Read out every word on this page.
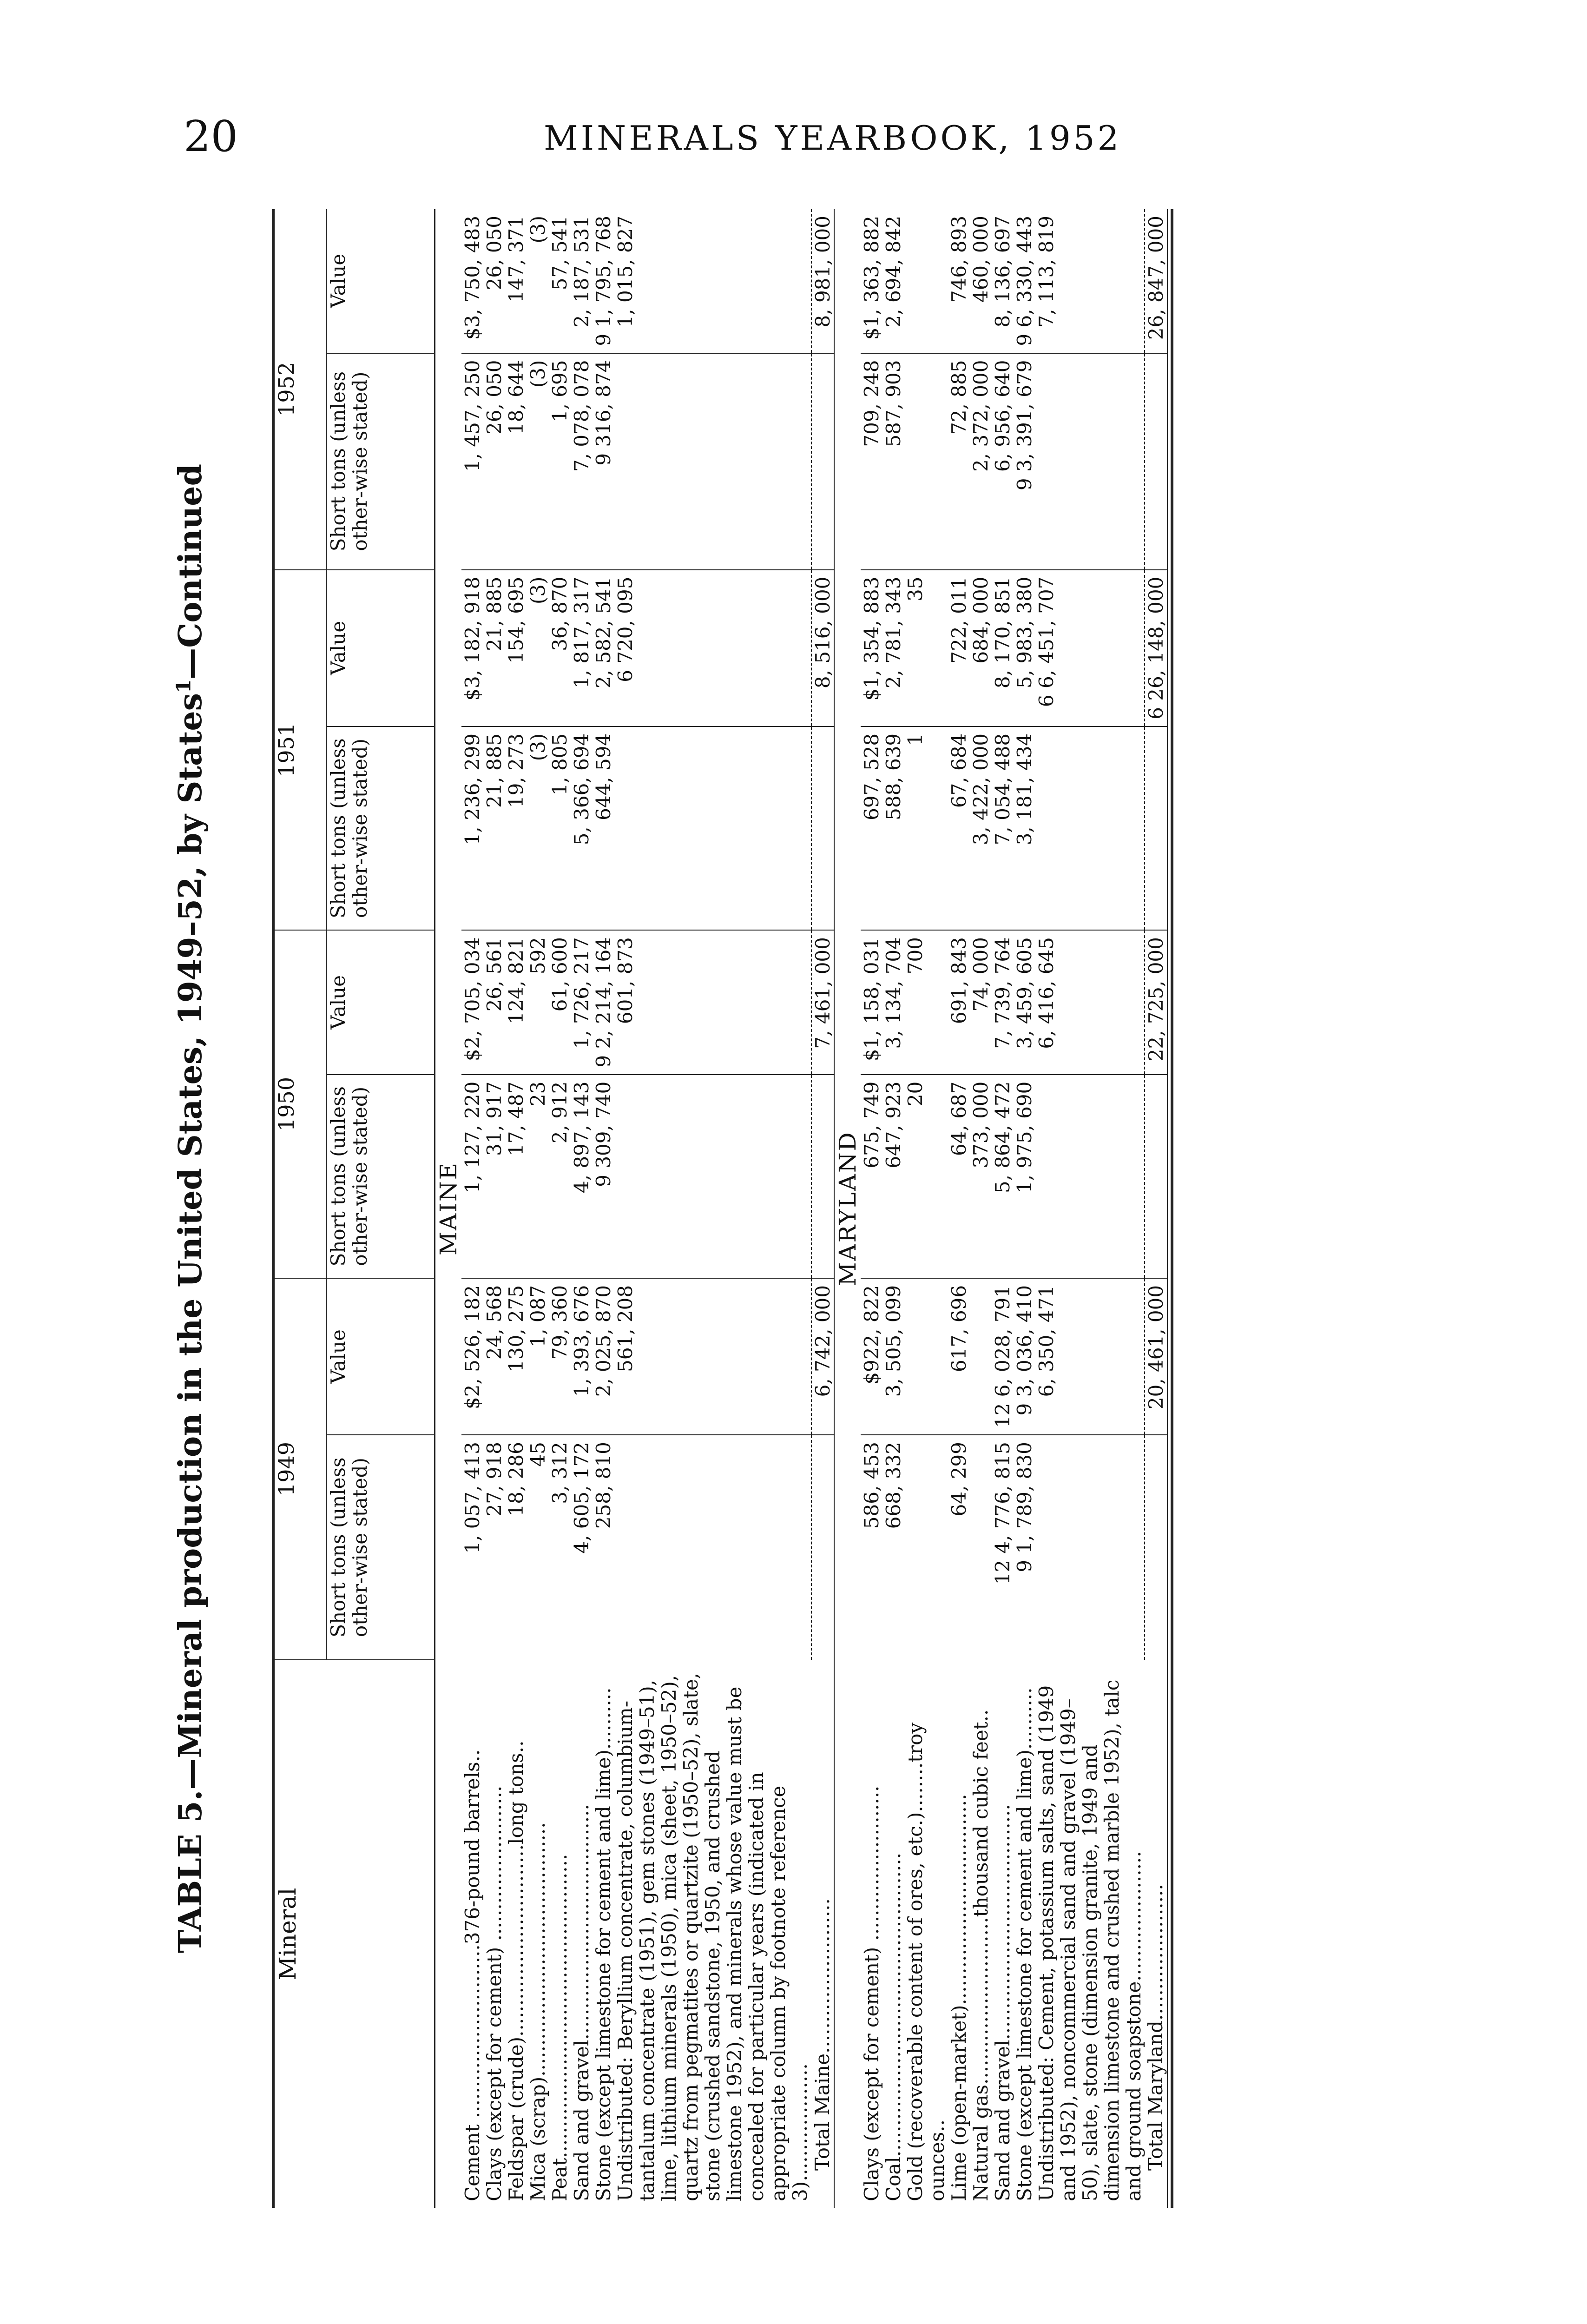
20	MINERALS YEARBOOK, 1952
TABLE 5.—Mineral production in the United States, 1949–52, by States$^1$—Continued

Mineral	1949		1950		1951		1952	
	Short tons (unless other-wise stated)	Value	Short tons (unless other-wise stated)	Value	Short tons (unless other-wise stated)	Value	Short tons (unless other-wise stated)	Value
MAINE								
Cement ............................376-pound barrels..	1, 057, 413	$2, 526, 182	1, 127, 220	$2, 705, 034	1, 236, 299	$3, 182, 918	1, 457, 250	$3, 750, 483
Clays (except for cement) .........................	27, 918	24, 568	31, 917	26, 561	21, 885	21, 885	26, 050	26, 050
Feldspar (crude)...............................long tons..	18, 286	130, 275	17, 487	124, 821	19, 273	154, 695	18, 644	147, 371
Mica (scrap).........................................	45	1, 087	23	592	(3)	(3)	(3)	(3)
Peat.................................................	3, 312	79, 360	2, 912	61, 600	1, 805	36, 870	1, 695	57, 541
Sand and gravel......................................	4, 605, 172	1, 393, 676	4, 897, 143	1, 726, 217	5, 366, 694	1, 817, 317	7, 078, 078	2, 187, 531
Stone (except limestone for cement and lime)..........	258, 810	2, 025, 870	9 309, 740	9 2, 214, 164	644, 594	2, 582, 541	9 316, 874	9 1, 795, 768
Undistributed: Beryllium concentrate, columbium-tantalum concentrate (1951), gem stones (1949–51), lime, lithium minerals (1950), mica (sheet, 1950–52), quartz from pegmatites or quartzite (1950–52), slate, stone (crushed sandstone, 1950, and crushed limestone 1952), and minerals whose value must be concealed for particular years (indicated in appropriate column by footnote reference 3)...................		561, 208		601, 873		6 720, 095		1, 015, 827
Total Maine.........................		6, 742, 000		7, 461, 000		8, 516, 000		8, 981, 000

MARYLAND								
Clays (except for cement) .........................	586, 453	$922, 822	675, 749	$1, 158, 031	697, 528	$1, 354, 883	709, 248	$1, 363, 882
Coal.................................................	668, 332	3, 505, 099	647, 923	3, 134, 704	588, 639	2, 781, 343	587, 903	2, 694, 842
Gold (recoverable content of ores, etc.)........troy ounces..			20	700	1	35		
Lime (open-market)..................................	64, 299	617, 696	64, 687	691, 843	67, 684	722, 011	72, 885	746, 893
Natural gas...........................thousand cubic feet..			373, 000	74, 000	3, 422, 000	684, 000	2, 372, 000	460, 000
Sand and gravel......................................	12 4, 776, 815	12 6, 028, 791	5, 864, 472	7, 739, 764	7, 054, 488	8, 170, 851	6, 956, 640	8, 136, 697
Stone (except limestone for cement and lime)..........	9 1, 789, 830	9 3, 036, 410	1, 975, 690	3, 459, 605	3, 181, 434	5, 983, 380	9 3, 391, 679	9 6, 330, 443
Undistributed: Cement, potassium salts, sand (1949 and 1952), noncommercial sand and gravel (1949–50), slate, stone (dimension granite, 1949 and dimension limestone and crushed marble 1952), talc and ground soapstone.....................		6, 350, 471		6, 416, 645		6 6, 451, 707		7, 113, 819
Total Maryland......................		20, 461, 000		22, 725, 000		6 26, 148, 000		26, 847, 000
